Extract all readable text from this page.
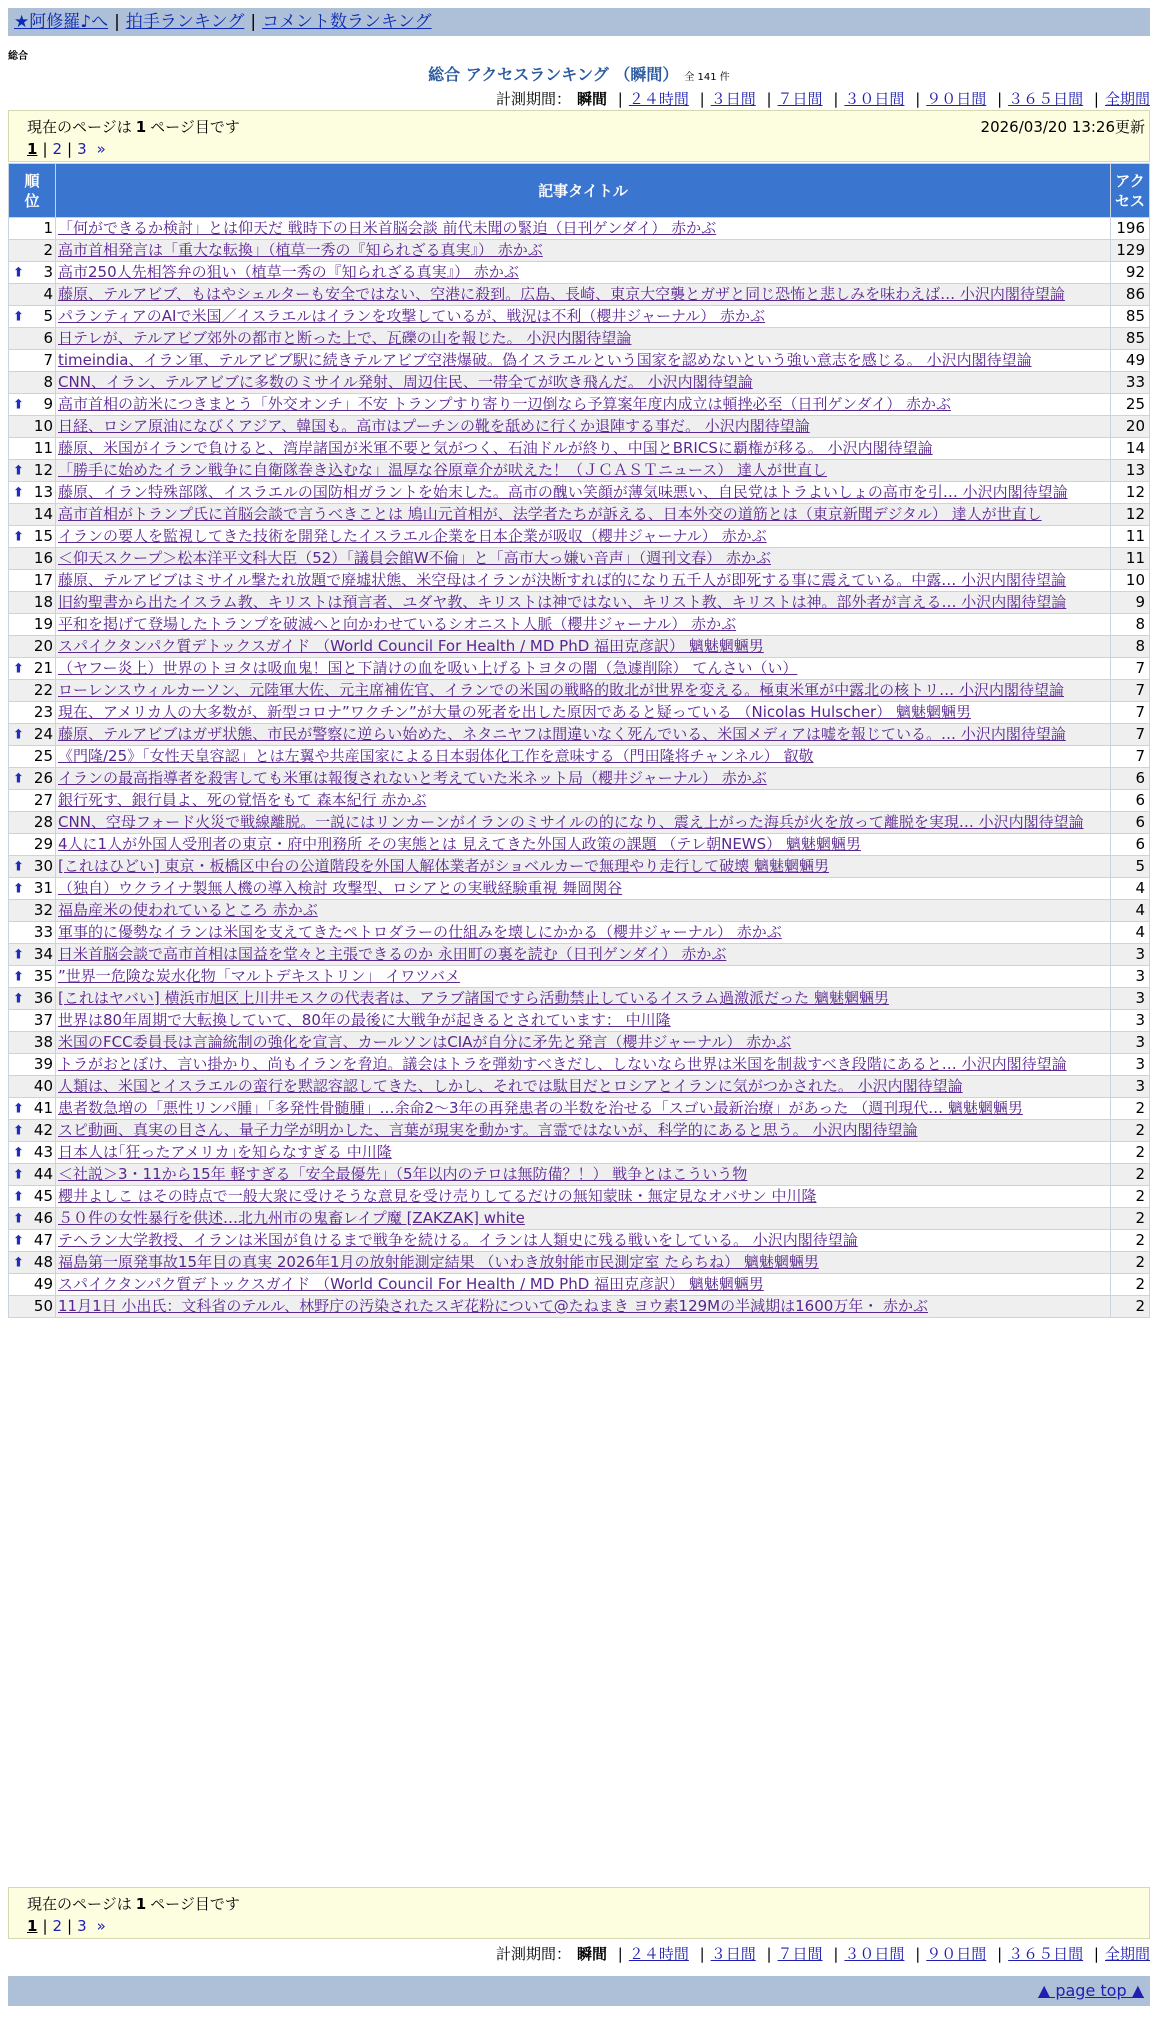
★阿修羅♪へ | 拍手ランキング | コメント数ランキング
総合
総合 アクセスランキング （瞬間） 全 141 件
計測期間： 瞬間 | ２４時間 | ３日間 | ７日間 | ３０日間 | ９０日間 | ３６５日間 | 全期間
現在のページは 1 ページ目です	2026/03/20 13:26更新
1 | 2 | 3 »
順位	記事タイトル	アクセス
1	「何ができるか検討」とは仰天だ 戦時下の日米首脳会談 前代未聞の緊迫（日刊ゲンダイ） 赤かぶ	196
2	高市首相発言は「重大な転換」（植草一秀の『知られざる真実』） 赤かぶ	129

⬆ 3	高市250人先相答弁の狙い（植草一秀の『知られざる真実』） 赤かぶ	92
4	藤原、テルアビブ、もはやシェルターも安全ではない、空港に殺到。広島、長崎、東京大空襲とガザと同じ恐怖と悲しみを味わえば… 小沢内閣待望論	86

⬆ 5	パランティアのAIで米国／イスラエルはイランを攻撃しているが、戦況は不利（櫻井ジャーナル） 赤かぶ	85
6	日テレが、テルアビブ郊外の都市と断った上で、瓦礫の山を報じた。 小沢内閣待望論	85
7	timeindia、イラン軍、テルアビブ駅に続きテルアビブ空港爆破。偽イスラエルという国家を認めないという強い意志を感じる。 小沢内閣待望論	49
8	CNN、イラン、テルアビブに多数のミサイル発射、周辺住民、一帯全てが吹き飛んだ。 小沢内閣待望論	33

⬆ 9	高市首相の訪米につきまとう「外交オンチ」不安 トランプすり寄り一辺倒なら予算案年度内成立は頓挫必至（日刊ゲンダイ） 赤かぶ	25
10	日経、ロシア原油になびくアジア、韓国も。高市はプーチンの靴を舐めに行くか退陣する事だ。 小沢内閣待望論	20
11	藤原、米国がイランで負けると、湾岸諸国が米軍不要と気がつく、石油ドルが終り、中国とBRICSに覇権が移る。 小沢内閣待望論	14

⬆ 12	「勝手に始めたイラン戦争に自衛隊巻き込むな」温厚な谷原章介が吠えた！（ＪＣＡＳＴニュース） 達人が世直し	13

⬆ 13	藤原、イラン特殊部隊、イスラエルの国防相ガラントを始末した。高市の醜い笑顔が薄気味悪い、自民党はトラよいしょの高市を引… 小沢内閣待望論	12
14	高市首相がトランプ氏に首脳会談で言うべきことは 鳩山元首相が、法学者たちが訴える、日本外交の道筋とは（東京新聞デジタル） 達人が世直し	12

⬆ 15	イランの要人を監視してきた技術を開発したイスラエル企業を日本企業が吸収（櫻井ジャーナル） 赤かぶ	11
16	＜仰天スクープ＞松本洋平文科大臣（52）「議員会館W不倫」と「高市大っ嫌い音声」（週刊文春） 赤かぶ	11
17	藤原、テルアビブはミサイル撃たれ放題で廃墟状態、米空母はイランが決断すれば的になり五千人が即死する事に震えている。中露… 小沢内閣待望論	10
18	旧約聖書から出たイスラム教、キリストは預言者、ユダヤ教、キリストは神ではない、キリスト教、キリストは神。部外者が言える… 小沢内閣待望論	9
19	平和を掲げて登場したトランプを破滅へと向かわせているシオニスト人脈（櫻井ジャーナル） 赤かぶ	8
20	スパイクタンパク質デトックスガイド （World Council For Health / MD PhD 福田克彦訳） 魑魅魍魎男	8

⬆ 21	（ヤフー炎上）世界のトヨタは吸血鬼！国と下請けの血を吸い上げるトヨタの闇（急遽削除） てんさい（い）	7
22	ローレンスウィルカーソン、元陸軍大佐、元主席補佐官、イランでの米国の戦略的敗北が世界を変える。極東米軍が中露北の核トリ… 小沢内閣待望論	7
23	現在、アメリカ人の大多数が、新型コロナ”ワクチン”が大量の死者を出した原因であると疑っている （Nicolas Hulscher） 魑魅魍魎男	7

⬆ 24	藤原、テルアビブはガザ状態、市民が警察に逆らい始めた、ネタニヤフは間違いなく死んでいる、米国メディアは嘘を報じている。… 小沢内閣待望論	7
25	《門隆/25》「女性天皇容認」とは左翼や共産国家による日本弱体化工作を意味する（門田隆将チャンネル） 叡敬	7

⬆ 26	イランの最高指導者を殺害しても米軍は報復されないと考えていた米ネット局（櫻井ジャーナル） 赤かぶ	6
27	銀行死す、銀行員よ、死の覚悟をもて 森本紀行 赤かぶ	6
28	CNN、空母フォード火災で戦線離脱。一説にはリンカーンがイランのミサイルの的になり、震え上がった海兵が火を放って離脱を実現… 小沢内閣待望論	6
29	4人に1人が外国人受刑者の東京・府中刑務所 その実態とは 見えてきた外国人政策の課題 （テレ朝NEWS） 魑魅魍魎男	6

⬆ 30	[これはひどい] 東京・板橋区中台の公道階段を外国人解体業者がショベルカーで無理やり走行して破壊 魑魅魍魎男	5

⬆ 31	（独自）ウクライナ製無人機の導入検討 攻撃型、ロシアとの実戦経験重視 舞岡関谷	4
32	福島産米の使われているところ 赤かぶ	4
33	軍事的に優勢なイランは米国を支えてきたペトロダラーの仕組みを壊しにかかる（櫻井ジャーナル） 赤かぶ	4

⬆ 34	日米首脳会談で高市首相は国益を堂々と主張できるのか 永田町の裏を読む（日刊ゲンダイ） 赤かぶ	3

⬆ 35	”世界一危険な炭水化物「マルトデキストリン」 イワツバメ	3

⬆ 36	[これはヤバい] 横浜市旭区上川井モスクの代表者は、アラブ諸国ですら活動禁止しているイスラム過激派だった 魑魅魍魎男	3
37	世界は80年周期で大転換していて、80年の最後に大戦争が起きるとされています： 中川隆	3
38	米国のFCC委員長は言論統制の強化を宣言、カールソンはCIAが自分に矛先と発言（櫻井ジャーナル） 赤かぶ	3
39	トラがおとぼけ、言い掛かり、尚もイランを脅迫。議会はトラを弾劾すべきだし、しないなら世界は米国を制裁すべき段階にあると… 小沢内閣待望論	3
40	人類は、米国とイスラエルの蛮行を黙認容認してきた、しかし、それでは駄目だとロシアとイランに気がつかされた。 小沢内閣待望論	3

⬆ 41	患者数急増の「悪性リンパ腫」「多発性骨髄腫」…余命2～3年の再発患者の半数を治せる「スゴい最新治療」があった （週刊現代… 魑魅魍魎男	2

⬆ 42	スピ動画、真実の目さん、量子力学が明かした、言葉が現実を動かす。言霊ではないが、科学的にあると思う。 小沢内閣待望論	2

⬆ 43	日本人は｢狂ったアメリカ｣を知らなすぎる 中川隆	2

⬆ 44	＜社説＞3・11から15年 軽すぎる「安全最優先」（5年以内のテロは無防備？！） 戦争とはこういう物	2

⬆ 45	櫻井よしこ はその時点で一般大衆に受けそうな意見を受け売りしてるだけの無知蒙昧・無定見なオバサン 中川隆	2

⬆ 46	５０件の女性暴行を供述…北九州市の鬼畜レイプ魔 [ZAKZAK] white	2

⬆ 47	テヘラン大学教授、イランは米国が負けるまで戦争を続ける。イランは人類史に残る戦いをしている。 小沢内閣待望論	2

⬆ 48	福島第一原発事故15年目の真実 2026年1月の放射能測定結果 （いわき放射能市民測定室 たらちね） 魑魅魍魎男	2
49	スパイクタンパク質デトックスガイド （World Council For Health / MD PhD 福田克彦訳） 魑魅魍魎男	2
50	11月1日 小出氏：文科省のテルル、林野庁の汚染されたスギ花粉について@たねまき ヨウ素129Mの半減期は1600万年・ 赤かぶ	2
計測期間： 瞬間 | ２４時間 | ３日間 | ７日間 | ３０日間 | ９０日間 | ３６５日間 | 全期間
現在のページは 1 ページ目です
1 | 2 | 3 »
▲ page top ▲
